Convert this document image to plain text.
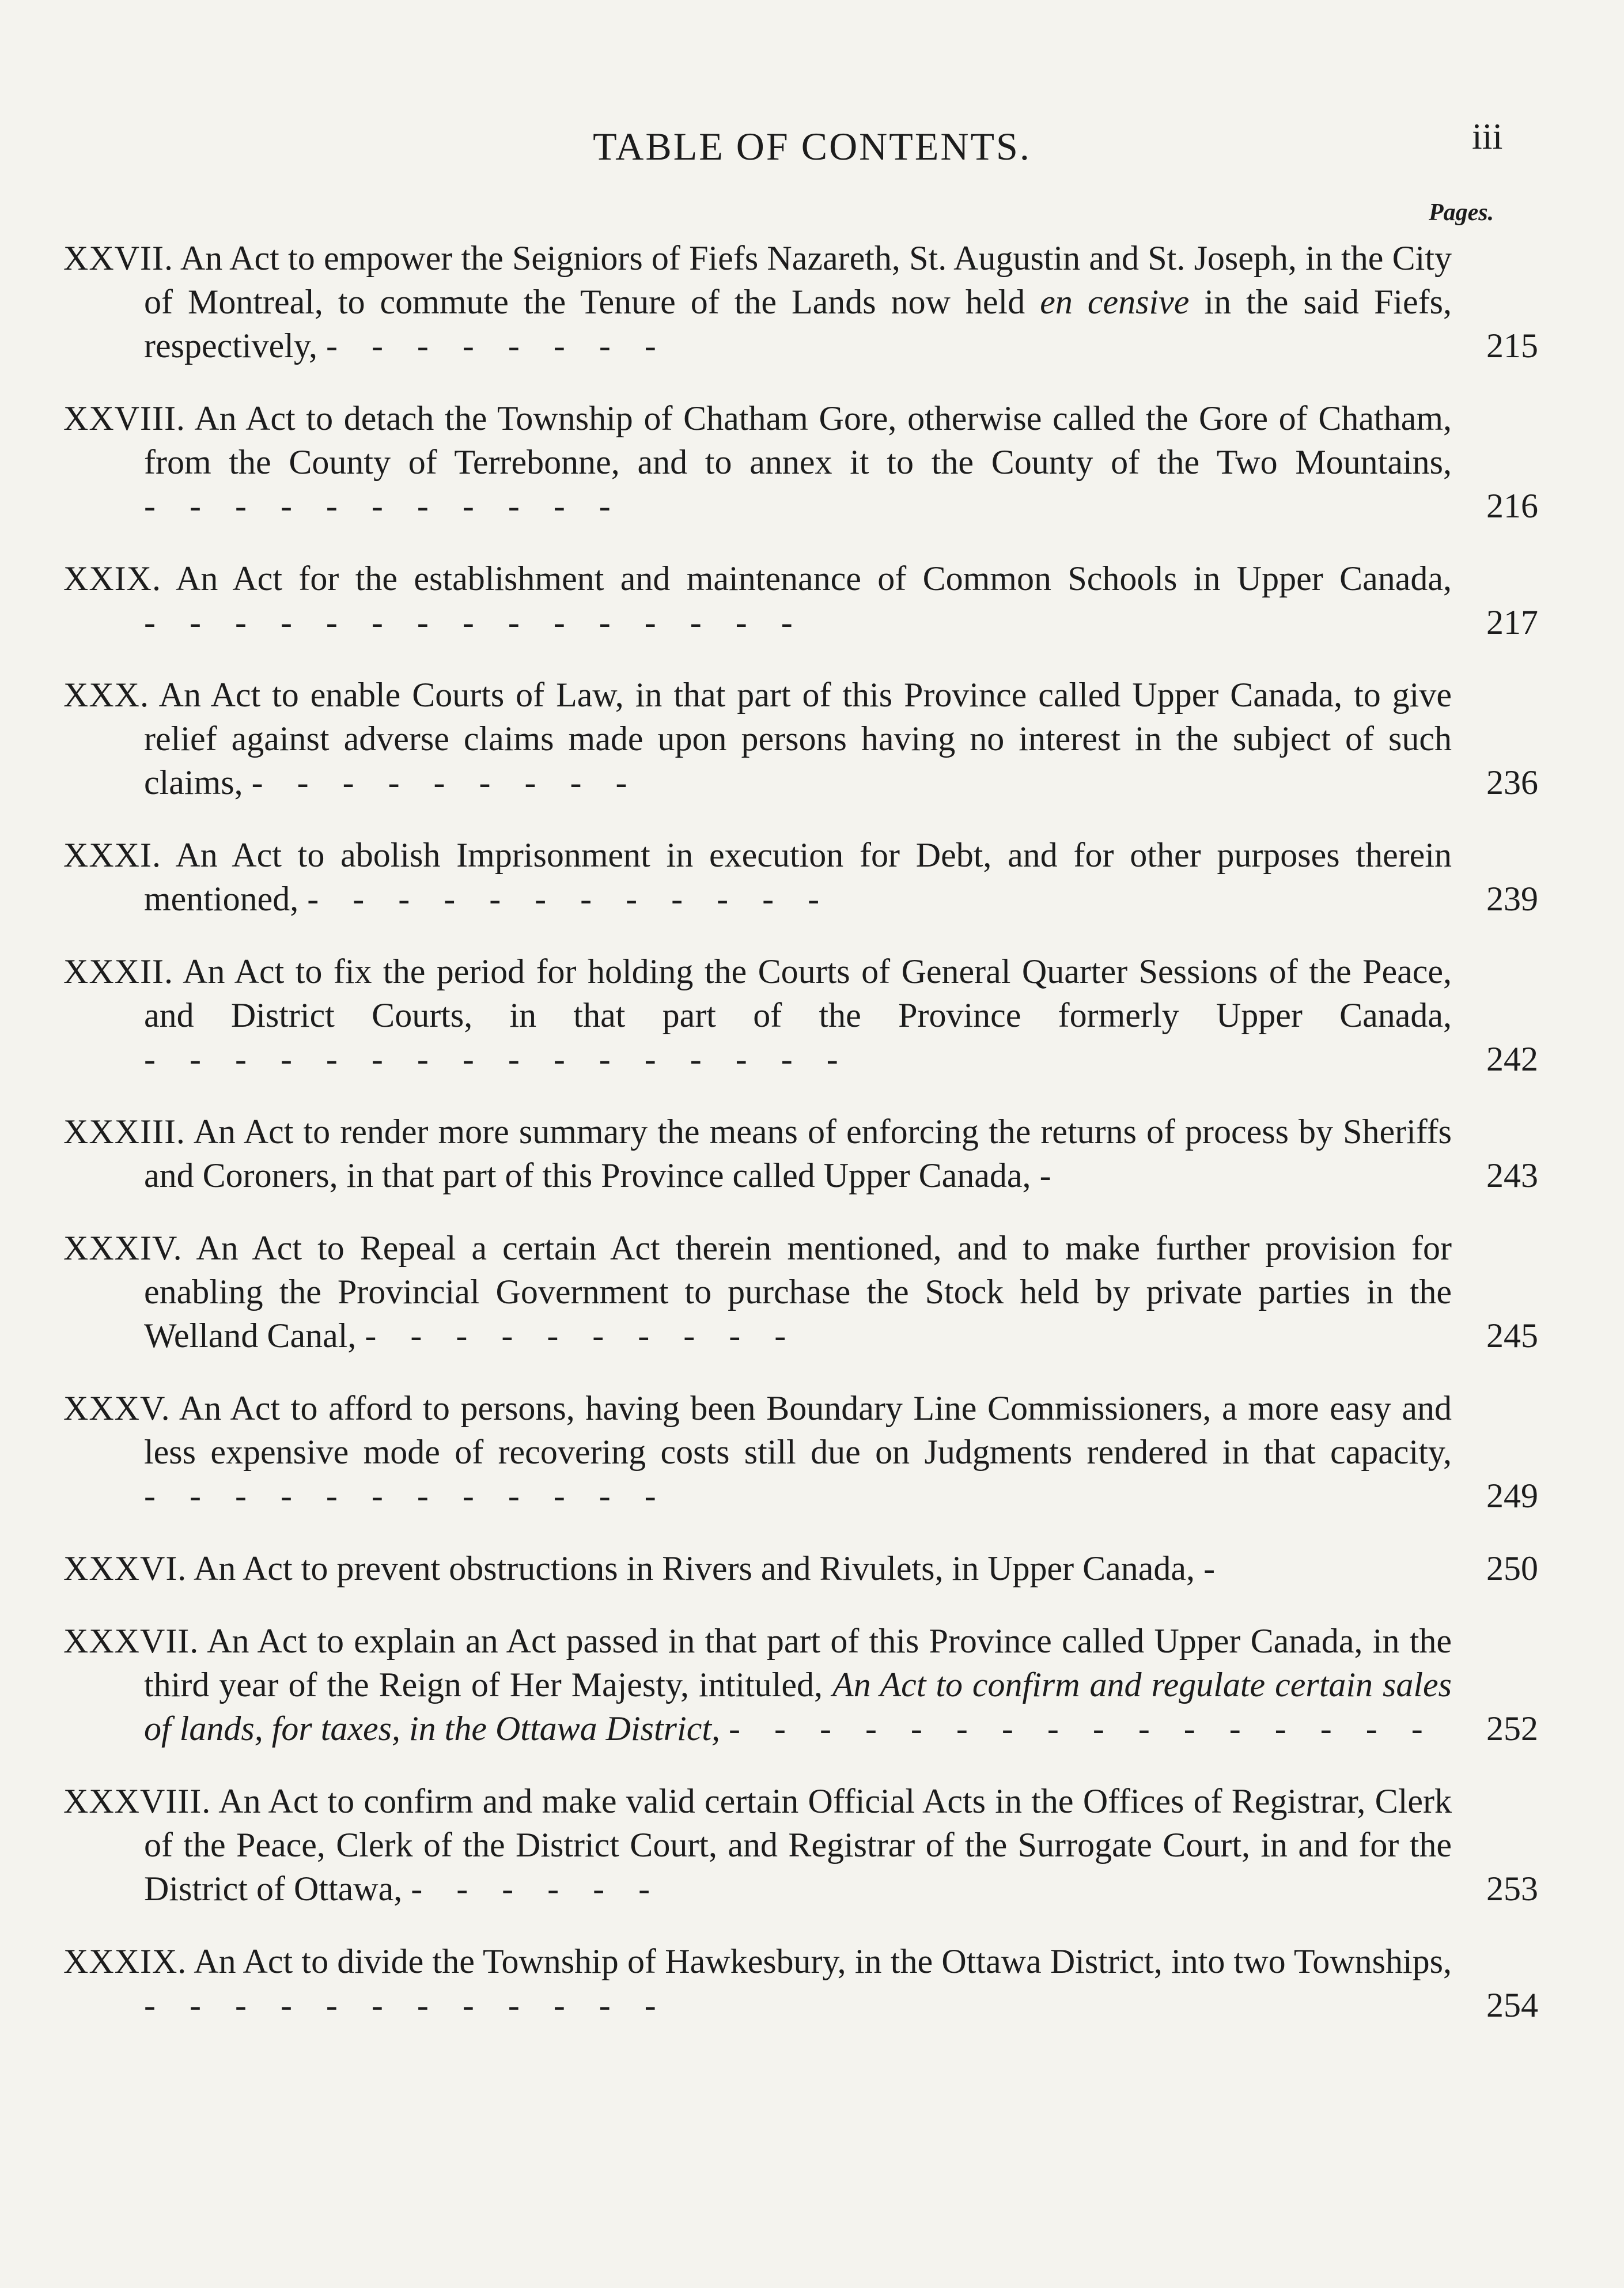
TABLE OF CONTENTS.	iii
Pages.
XXVII. An Act to empower the Seigniors of Fiefs Nazareth, St. Augustin and St. Joseph, in the City of Montreal, to commute the Tenure of the Lands now held en censive in the said Fiefs, respectively, - - - - - - - -	215
XXVIII. An Act to detach the Township of Chatham Gore, otherwise called the Gore of Chatham, from the County of Terrebonne, and to annex it to the County of the Two Mountains, - - - - - - - - - - -	216
XXIX. An Act for the establishment and maintenance of Common Schools in Upper Canada, - - - - - - - - - - - - - - -	217
XXX. An Act to enable Courts of Law, in that part of this Province called Upper Canada, to give relief against adverse claims made upon persons having no interest in the subject of such claims, - - - - - - - - -	236
XXXI. An Act to abolish Imprisonment in execution for Debt, and for other purposes therein mentioned, - - - - - - - - - - - -	239
XXXII. An Act to fix the period for holding the Courts of General Quarter Sessions of the Peace, and District Courts, in that part of the Province formerly Upper Canada, - - - - - - - - - - - - - - - -	242
XXXIII. An Act to render more summary the means of enforcing the returns of process by Sheriffs and Coroners, in that part of this Province called Upper Canada, -	243
XXXIV. An Act to Repeal a certain Act therein mentioned, and to make further provision for enabling the Provincial Government to purchase the Stock held by private parties in the Welland Canal, - - - - - - - - - -	245
XXXV. An Act to afford to persons, having been Boundary Line Commissioners, a more easy and less expensive mode of recovering costs still due on Judgments rendered in that capacity, - - - - - - - - - - - -	249
XXXVI. An Act to prevent obstructions in Rivers and Rivulets, in Upper Canada, -	250
XXXVII. An Act to explain an Act passed in that part of this Province called Upper Canada, in the third year of the Reign of Her Majesty, intituled, An Act to confirm and regulate certain sales of lands, for taxes, in the Ottawa District, - - - - - - - - - - - - - - - -	252
XXXVIII. An Act to confirm and make valid certain Official Acts in the Offices of Registrar, Clerk of the Peace, Clerk of the District Court, and Registrar of the Surrogate Court, in and for the District of Ottawa, - - - - - -	253
XXXIX. An Act to divide the Township of Hawkesbury, in the Ottawa District, into two Townships, - - - - - - - - - - - -	254
